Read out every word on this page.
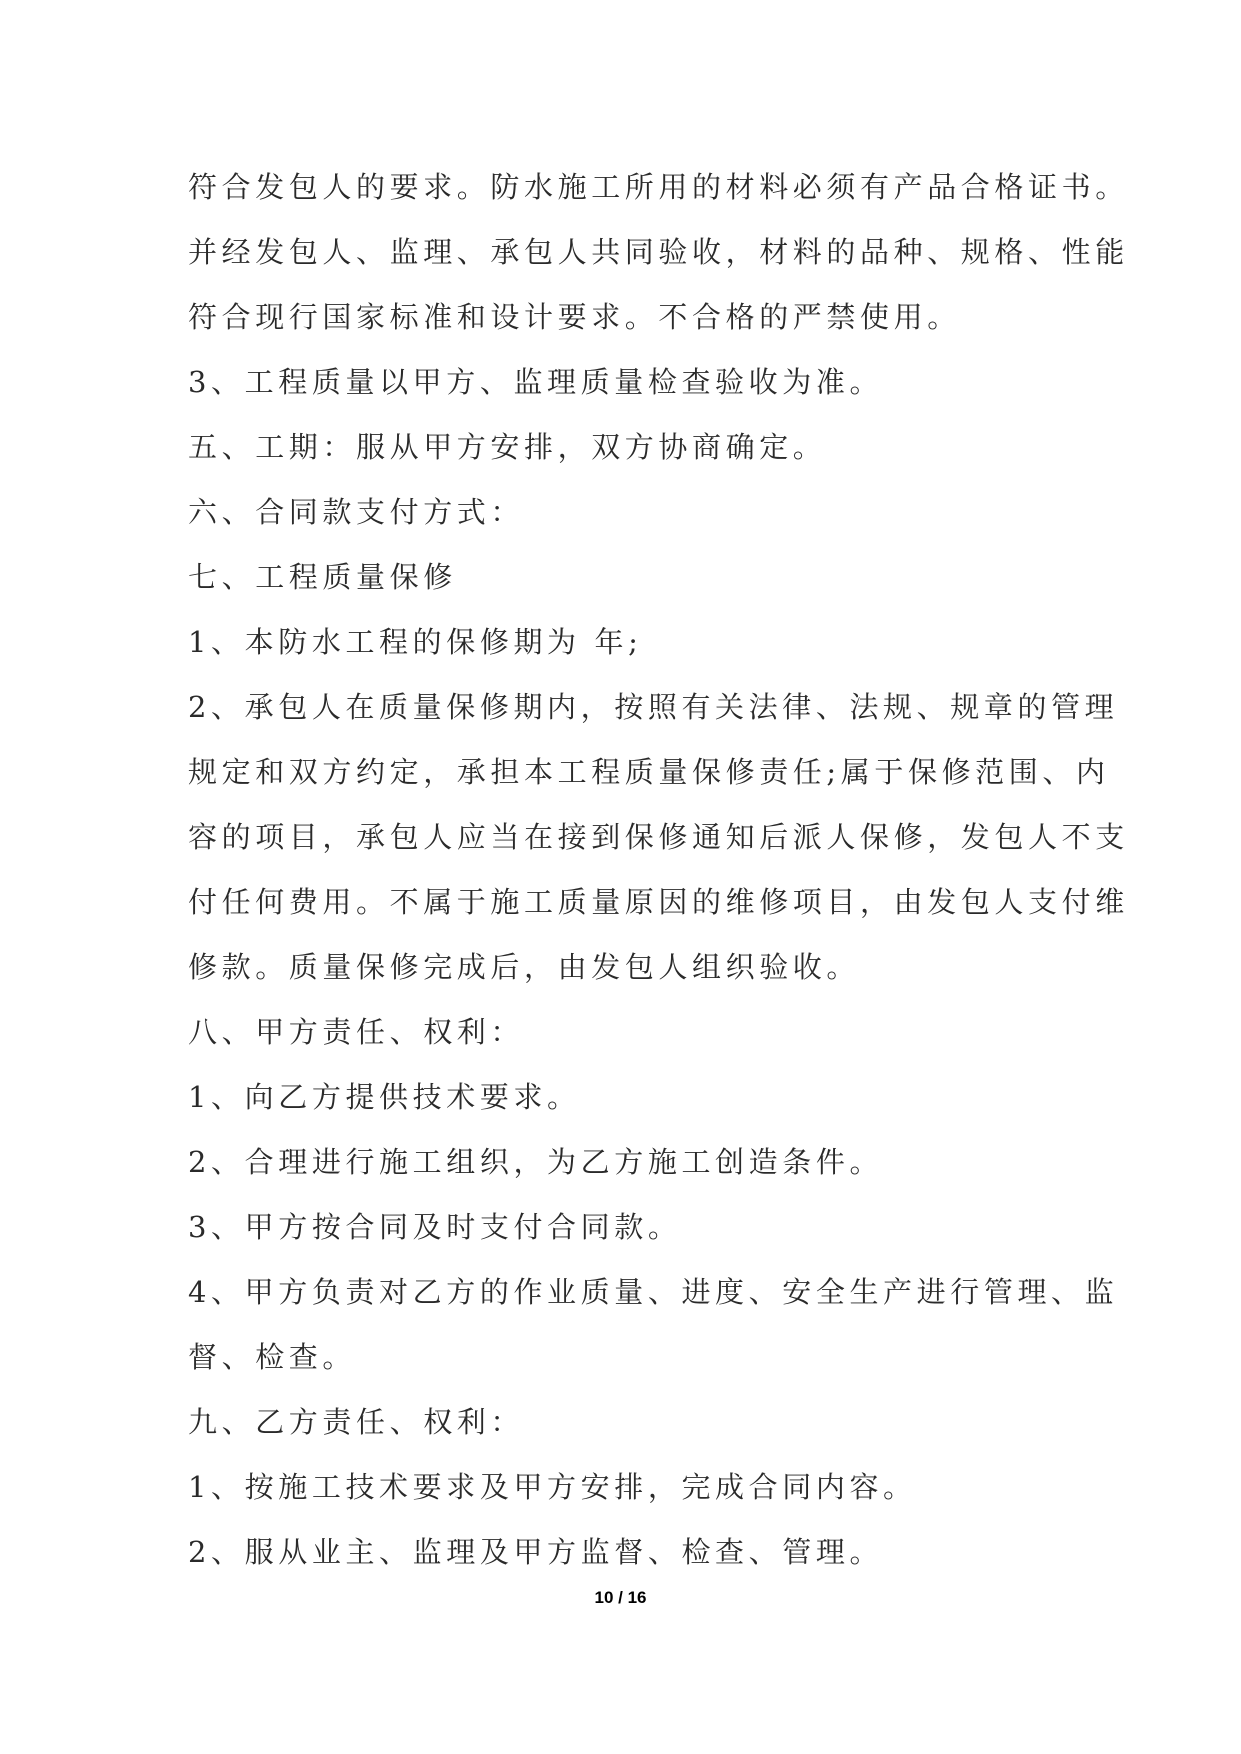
符合发包人的要求。防水施工所用的材料必须有产品合格证书。
并经发包人、监理、承包人共同验收，材料的品种、规格、性能
符合现行国家标准和设计要求。不合格的严禁使用。
3、工程质量以甲方、监理质量检查验收为准。
五、工期：服从甲方安排，双方协商确定。
六、合同款支付方式：
七、工程质量保修
1、本防水工程的保修期为 年;
2、承包人在质量保修期内，按照有关法律、法规、规章的管理
规定和双方约定，承担本工程质量保修责任;属于保修范围、内
容的项目，承包人应当在接到保修通知后派人保修，发包人不支
付任何费用。不属于施工质量原因的维修项目，由发包人支付维
修款。质量保修完成后，由发包人组织验收。
八、甲方责任、权利：
1、向乙方提供技术要求。
2、合理进行施工组织，为乙方施工创造条件。
3、甲方按合同及时支付合同款。
4、甲方负责对乙方的作业质量、进度、安全生产进行管理、监
督、检查。
九、乙方责任、权利：
1、按施工技术要求及甲方安排，完成合同内容。
2、服从业主、监理及甲方监督、检查、管理。
10 / 16
